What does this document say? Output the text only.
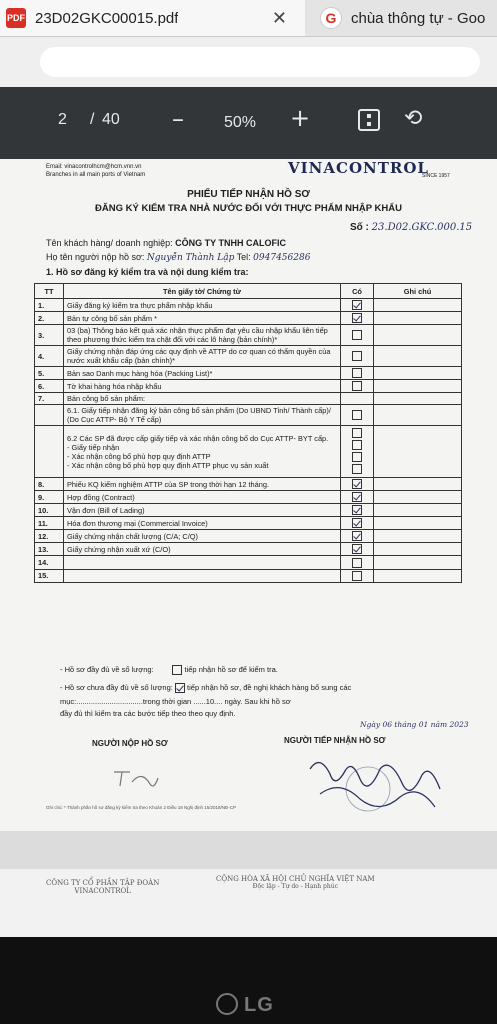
PDF 23D02GKC00015.pdf	✕	G chùa thông tự - Goo
2 / 40 –	50% +	⟲
Email: vinacontrolhcm@hcm.vnn.vn
Branches in all main ports of Vietnam	VINACONTROL
SINCE 1957
PHIẾU TIẾP NHẬN HỒ SƠ
ĐĂNG KÝ KIỂM TRA NHÀ NƯỚC ĐỐI VỚI THỰC PHẨM NHẬP KHẨU
Số : 23.D02.GKC.000.15
Tên khách hàng/ doanh nghiệp: CÔNG TY TNHH CALOFIC
Họ tên người nộp hồ sơ: Nguyễn Thành Lập Tel: 0947456286
1. Hồ sơ đăng ký kiểm tra và nội dung kiểm tra:
TT	Tên giấy tờ/ Chứng từ	Có	Ghi chú
1.	Giấy đăng ký kiểm tra thực phẩm nhập khẩu		
2.	Bản tự công bố sản phẩm *		
3.	03 (ba) Thông báo kết quả xác nhận thực phẩm đạt yêu cầu nhập khẩu liên tiếp theo phương thức kiểm tra chặt đối với các lô hàng (bản chính)*		
4.	Giấy chứng nhận đáp ứng các quy định về ATTP do cơ quan có thẩm quyền của nước xuất khẩu cấp (bản chính)*		
5.	Bản sao Danh mục hàng hóa (Packing List)*		
6.	Tờ khai hàng hóa nhập khẩu		
7.	Bản công bố sản phẩm:		
	6.1. Giấy tiếp nhận đăng ký bản công bố sản phẩm (Do UBND Tỉnh/ Thành cấp)/ (Do Cục ATTP- Bộ Y Tế cấp)		

	6.2 Các SP đã được cấp giấy tiếp và xác nhận công bố do Cục ATTP- BYT cấp.
- Giấy tiếp nhận
- Xác nhận công bố phù hợp quy định ATTP
- Xác nhận công bố phù hợp quy định ATTP phục vụ sản xuất		

8.	Phiếu KQ kiểm nghiệm ATTP của SP trong thời hạn 12 tháng.		
9.	Hợp đồng (Contract)		
10.	Vận đơn (Bill of Lading)		
11.	Hóa đơn thương mại (Commercial Invoice)		
12.	Giấy chứng nhận chất lượng (C/A; C/Q)		
13.	Giấy chứng nhận xuất xứ (C/O)		
14.			
15.			
- Hồ sơ đầy đủ về số lượng:	tiếp nhận hồ sơ để kiểm tra.
- Hồ sơ chưa đầy đủ về số lượng: tiếp nhận hồ sơ, đề nghị khách hàng bổ sung các
mục:................................trong thời gian ......10.... ngày. Sau khi hồ sơ
đầy đủ thì kiểm tra các bước tiếp theo theo quy định.
Ngày 06 tháng 01 năm 2023
NGƯỜI NỘP HỒ SƠ	NGƯỜI TIẾP NHẬN HỒ SƠ
Ghi chú: * Thành phần hồ sơ đăng ký kiểm tra theo Khoản 2 Điều 18 Nghị định 15/2018/NĐ-CP
CÔNG TY CỔ PHẦN TẬP ĐOÀN
VINACONTROL
CỘNG HÒA XÃ HỘI CHỦ NGHĨA VIỆT NAM
Độc lập - Tự do - Hạnh phúc
LG
